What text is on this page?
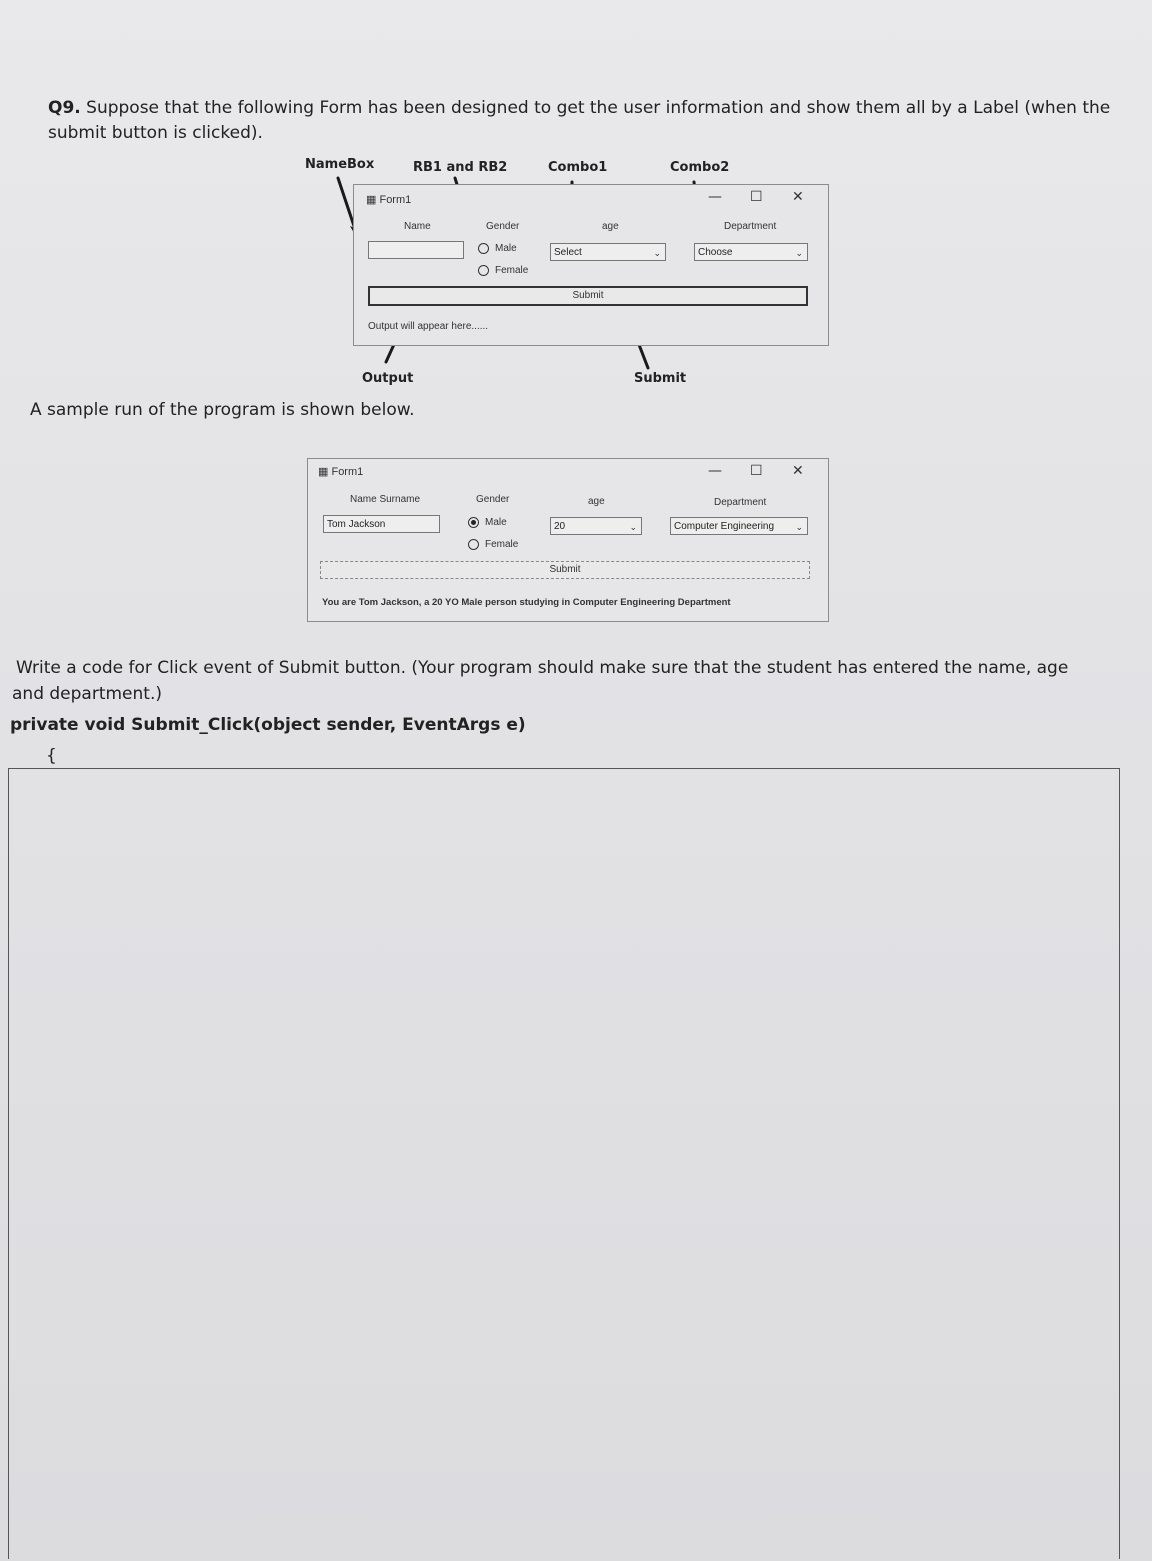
Q9. Suppose that the following Form has been designed to get the user information and show them all by a Label (when the
submit button is clicked).
NameBox	RB1 and RB2	Combo1	Combo2
Output	Submit
▦ Form1	— ☐ ✕
Name	Gender
Male
Female
age
Select	⌄
Department
Choose	⌄
Submit
Output will appear here......
A sample run of the program is shown below.
▦ Form1	— ☐ ✕
Name Surname
Tom Jackson
Gender
Male
Female
age
20	⌄
Department
Computer Engineering ⌄
Submit
You are Tom Jackson, a 20 YO Male person studying in Computer Engineering Department
Write a code for Click event of Submit button. (Your program should make sure that the student has entered the name, age
and department.)
private void Submit_Click(object sender, EventArgs e)
{
